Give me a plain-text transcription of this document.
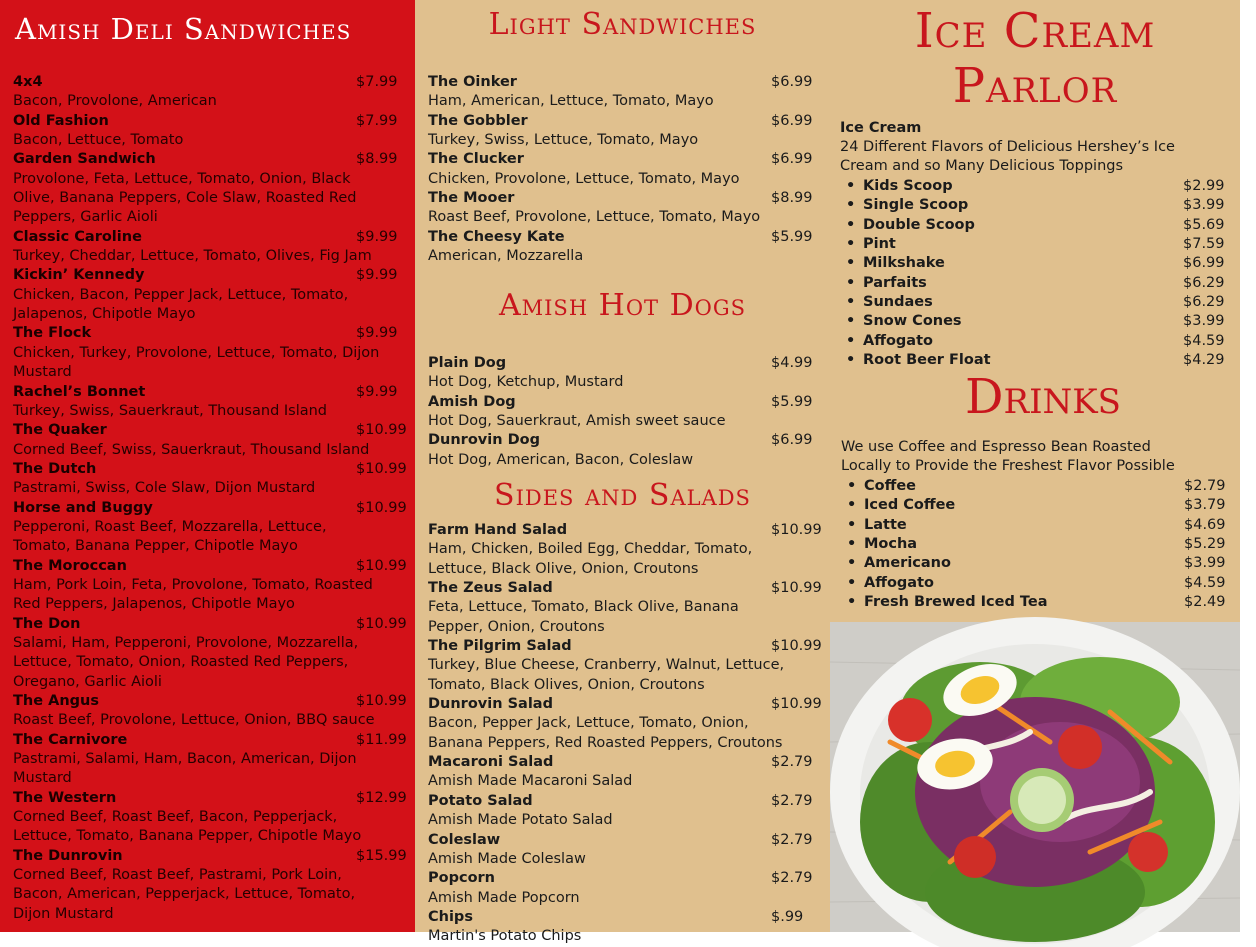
Amish Deli Sandwiches
4x4	$7.99
Bacon, Provolone, American
Old Fashion	$7.99
Bacon, Lettuce, Tomato
Garden Sandwich	$8.99
Provolone, Feta, Lettuce, Tomato, Onion, Black
Olive, Banana Peppers, Cole Slaw, Roasted Red
Peppers, Garlic Aioli
Classic Caroline	$9.99
Turkey, Cheddar, Lettuce, Tomato, Olives, Fig Jam
Kickin’ Kennedy	$9.99
Chicken, Bacon, Pepper Jack, Lettuce, Tomato,
Jalapenos, Chipotle Mayo
The Flock	$9.99
Chicken, Turkey, Provolone, Lettuce, Tomato, Dijon
Mustard
Rachel’s Bonnet	$9.99
Turkey, Swiss, Sauerkraut, Thousand Island
The Quaker	$10.99
Corned Beef, Swiss, Sauerkraut, Thousand Island
The Dutch	$10.99
Pastrami, Swiss, Cole Slaw, Dijon Mustard
Horse and Buggy	$10.99
Pepperoni, Roast Beef, Mozzarella, Lettuce,
Tomato, Banana Pepper, Chipotle Mayo
The Moroccan	$10.99
Ham, Pork Loin, Feta, Provolone, Tomato, Roasted
Red Peppers, Jalapenos, Chipotle Mayo
The Don	$10.99
Salami, Ham, Pepperoni, Provolone, Mozzarella,
Lettuce, Tomato, Onion, Roasted Red Peppers,
Oregano, Garlic Aioli
The Angus	$10.99
Roast Beef, Provolone, Lettuce, Onion, BBQ sauce
The Carnivore	$11.99
Pastrami, Salami, Ham, Bacon, American, Dijon
Mustard
The Western	$12.99
Corned Beef, Roast Beef, Bacon, Pepperjack,
Lettuce, Tomato, Banana Pepper, Chipotle Mayo
The Dunrovin	$15.99
Corned Beef, Roast Beef, Pastrami, Pork Loin,
Bacon, American, Pepperjack, Lettuce, Tomato,
Dijon Mustard
Light Sandwiches
The Oinker	$6.99
Ham, American, Lettuce, Tomato, Mayo
The Gobbler	$6.99
Turkey, Swiss, Lettuce, Tomato, Mayo
The Clucker	$6.99
Chicken, Provolone, Lettuce, Tomato, Mayo
The Mooer	$8.99
Roast Beef, Provolone, Lettuce, Tomato, Mayo
The Cheesy Kate	$5.99
American, Mozzarella
Amish Hot Dogs
Plain Dog	$4.99
Hot Dog, Ketchup, Mustard
Amish Dog	$5.99
Hot Dog, Sauerkraut, Amish sweet sauce
Dunrovin Dog	$6.99
Hot Dog, American, Bacon, Coleslaw
Sides and Salads
Farm Hand Salad	$10.99
Ham, Chicken, Boiled Egg, Cheddar, Tomato,
Lettuce, Black Olive, Onion, Croutons
The Zeus Salad	$10.99
Feta, Lettuce, Tomato, Black Olive, Banana
Pepper, Onion, Croutons
The Pilgrim Salad	$10.99
Turkey, Blue Cheese, Cranberry, Walnut, Lettuce,
Tomato, Black Olives, Onion, Croutons
Dunrovin Salad	$10.99
Bacon, Pepper Jack, Lettuce, Tomato, Onion,
Banana Peppers, Red Roasted Peppers, Croutons
Macaroni Salad	$2.79
Amish Made Macaroni Salad
Potato Salad	$2.79
Amish Made Potato Salad
Coleslaw	$2.79
Amish Made Coleslaw
Popcorn	$2.79
Amish Made Popcorn
Chips	$.99
Martin's Potato Chips
Ice Cream
Parlor
Ice Cream
24 Different Flavors of Delicious Hershey’s Ice
Cream and so Many Delicious Toppings
• Kids Scoop	$2.99
• Single Scoop	$3.99
• Double Scoop	$5.69
• Pint	$7.59
• Milkshake	$6.99
• Parfaits	$6.29
• Sundaes	$6.29
• Snow Cones	$3.99
• Affogato	$4.59
• Root Beer Float	$4.29
Drinks
We use Coffee and Espresso Bean Roasted
Locally to Provide the Freshest Flavor Possible
• Coffee	$2.79
• Iced Coffee	$3.79
• Latte	$4.69
• Mocha	$5.29
• Americano	$3.99
• Affogato	$4.59
• Fresh Brewed Iced Tea	$2.49
